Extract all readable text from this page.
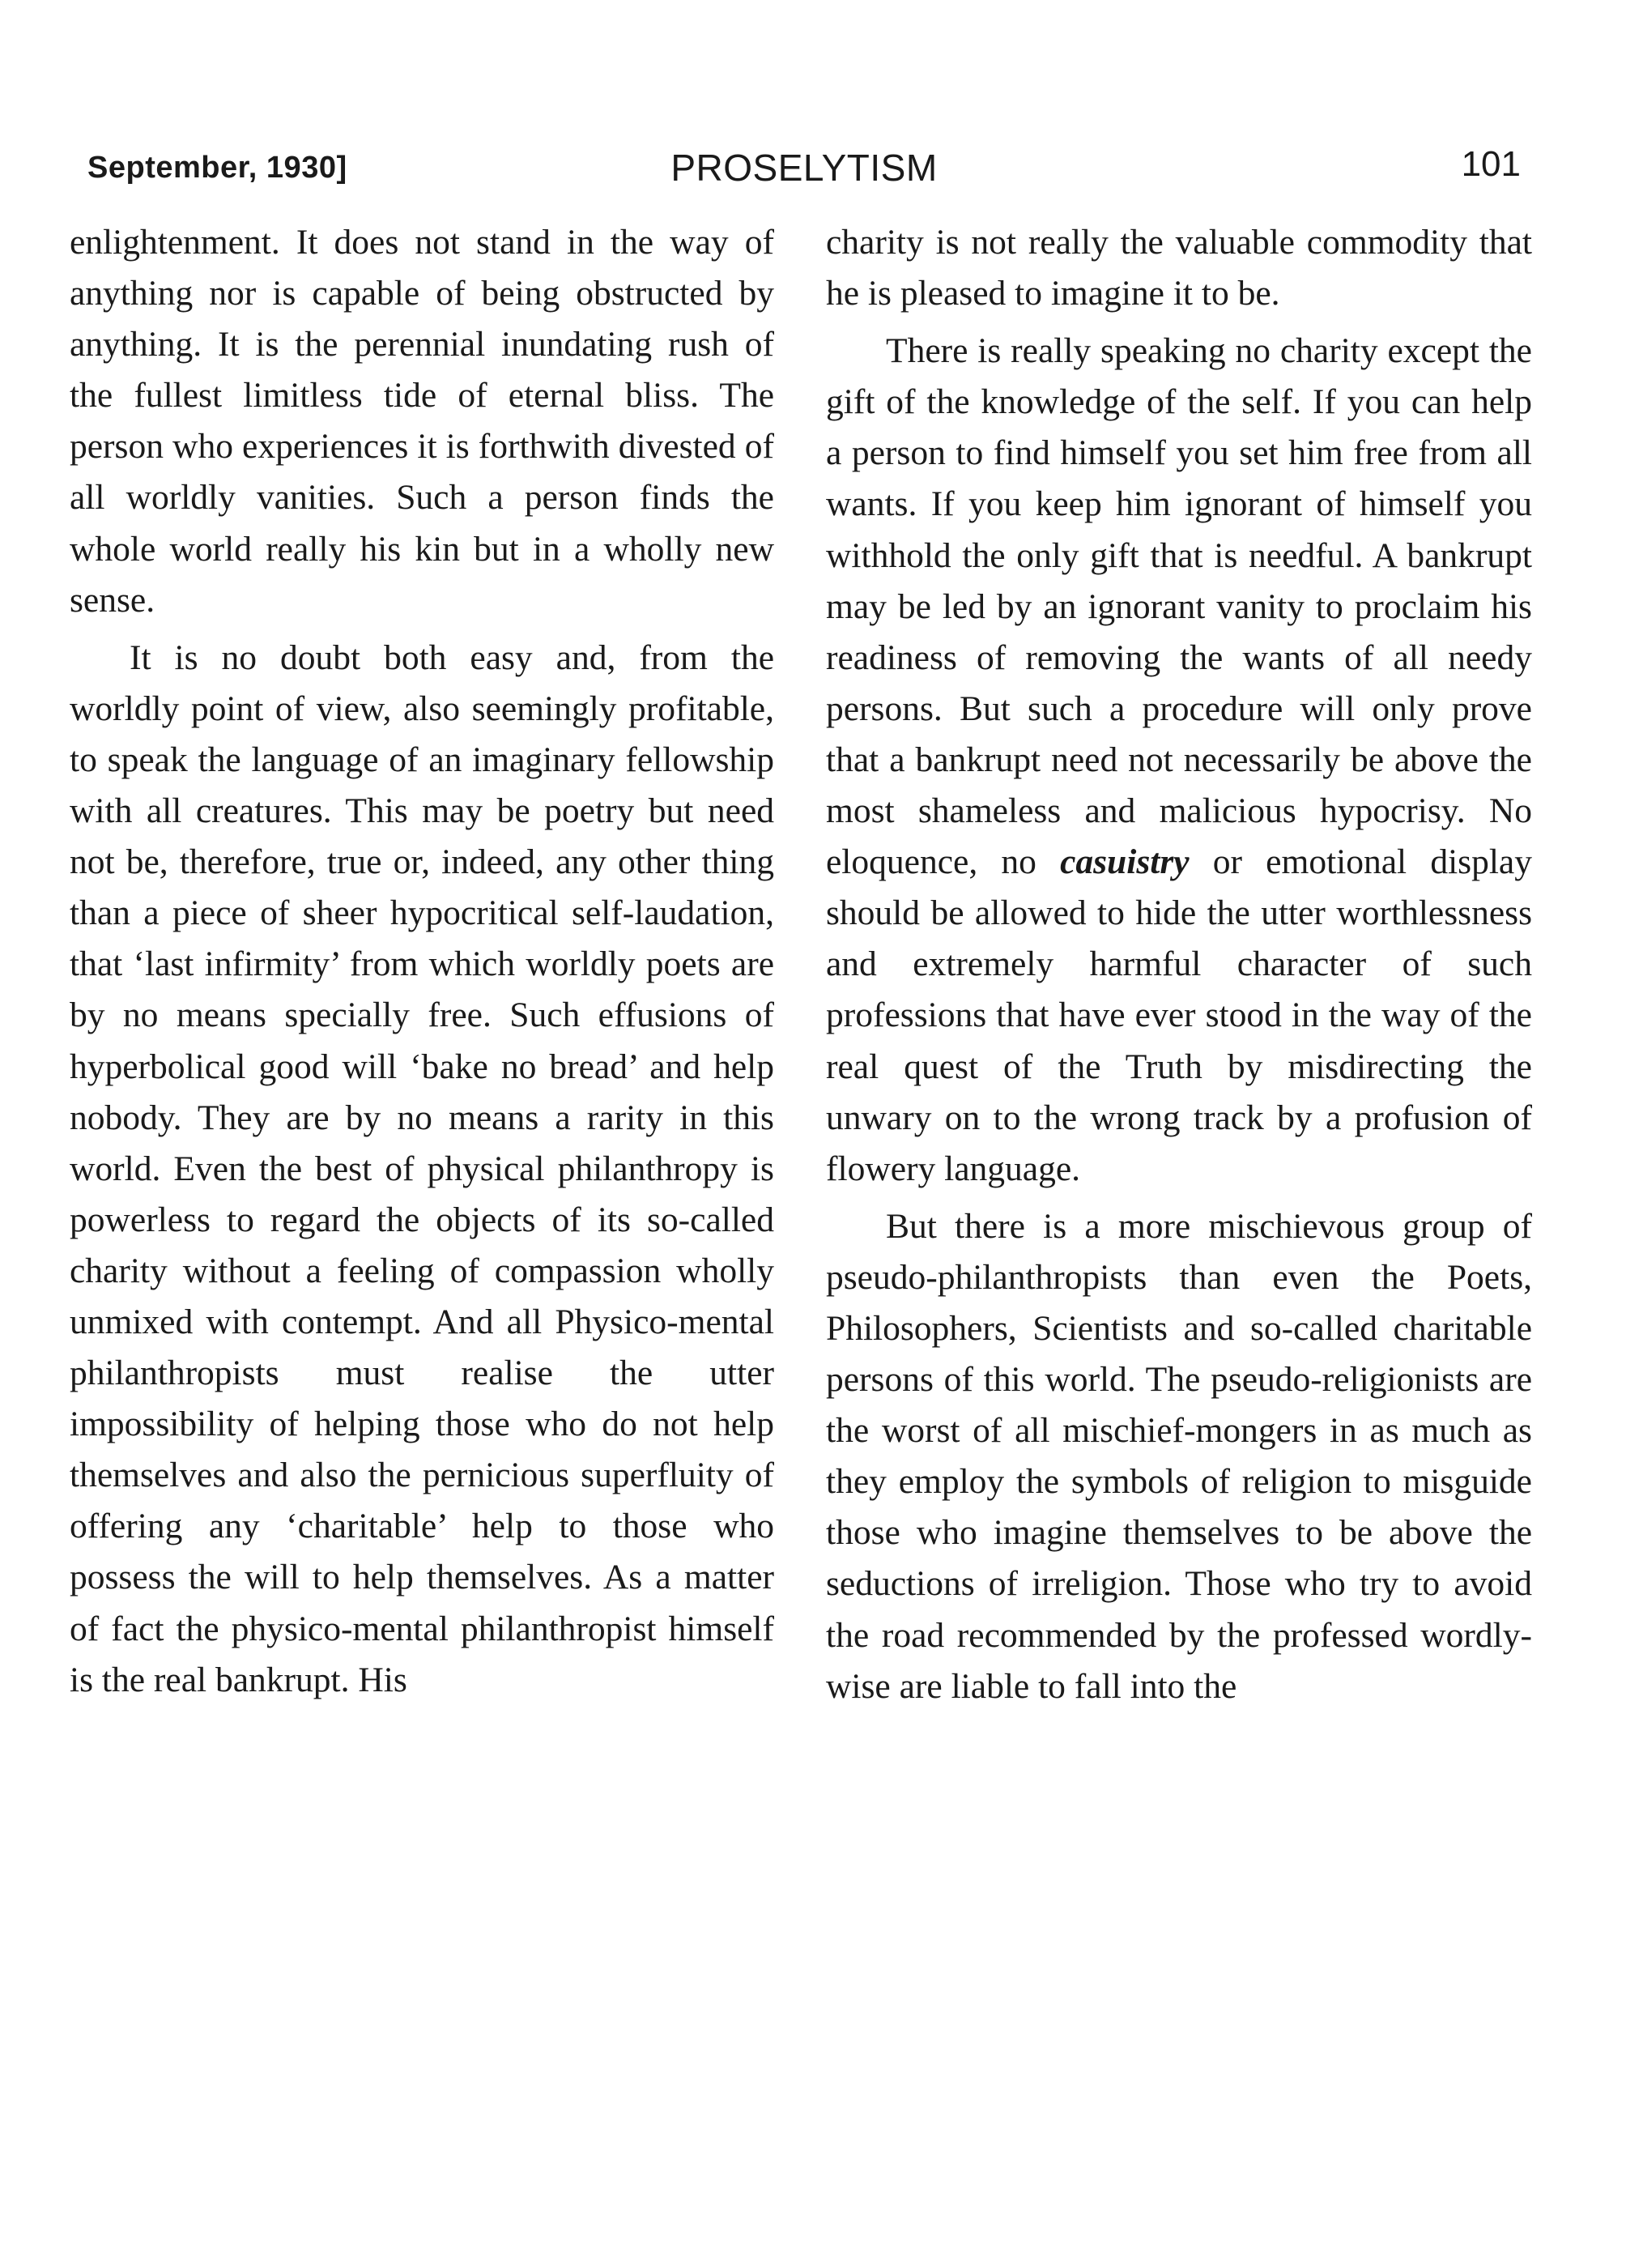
September, 1930]	PROSELYTISM	101

enlightenment. It does not stand in the way of anything nor is capable of being obstructed by anything. It is the perennial inundating rush of the fullest limitless tide of eternal bliss. The person who experiences it is forthwith divested of all worldly vanities. Such a person finds the whole world really his kin but in a wholly new sense.

It is no doubt both easy and, from the worldly point of view, also seemingly profitable, to speak the language of an imaginary fellowship with all creatures. This may be poetry but need not be, therefore, true or, indeed, any other thing than a piece of sheer hypocritical self-laudation, that ‘last infirmity’ from which worldly poets are by no means specially free. Such effusions of hyperbolical good will ‘bake no bread’ and help nobody. They are by no means a rarity in this world. Even the best of physical philanthropy is powerless to regard the objects of its so-called charity without a feeling of compassion wholly unmixed with contempt. And all Physico-mental philanthropists must realise the utter impossibility of helping those who do not help themselves and also the pernicious superfluity of offering any ‘charitable’ help to those who possess the will to help themselves. As a matter of fact the physico-mental philanthropist himself is the real bankrupt. His

charity is not really the valuable commodity that he is pleased to imagine it to be.

There is really speaking no charity except the gift of the knowledge of the self. If you can help a person to find himself you set him free from all wants. If you keep him ignorant of himself you withhold the only gift that is needful. A bankrupt may be led by an ignorant vanity to proclaim his readiness of removing the wants of all needy persons. But such a procedure will only prove that a bankrupt need not necessarily be above the most shameless and malicious hypocrisy. No eloquence, no casuistry or emotional display should be allowed to hide the utter worthlessness and extremely harmful character of such professions that have ever stood in the way of the real quest of the Truth by misdirecting the unwary on to the wrong track by a profusion of flowery language.

But there is a more mischievous group of pseudo-philanthropists than even the Poets, Philosophers, Scientists and so-called charitable persons of this world. The pseudo-religionists are the worst of all mischief-mongers in as much as they employ the symbols of religion to misguide those who imagine themselves to be above the seductions of irreligion. Those who try to avoid the road recommended by the professed wordly-wise are liable to fall into the
